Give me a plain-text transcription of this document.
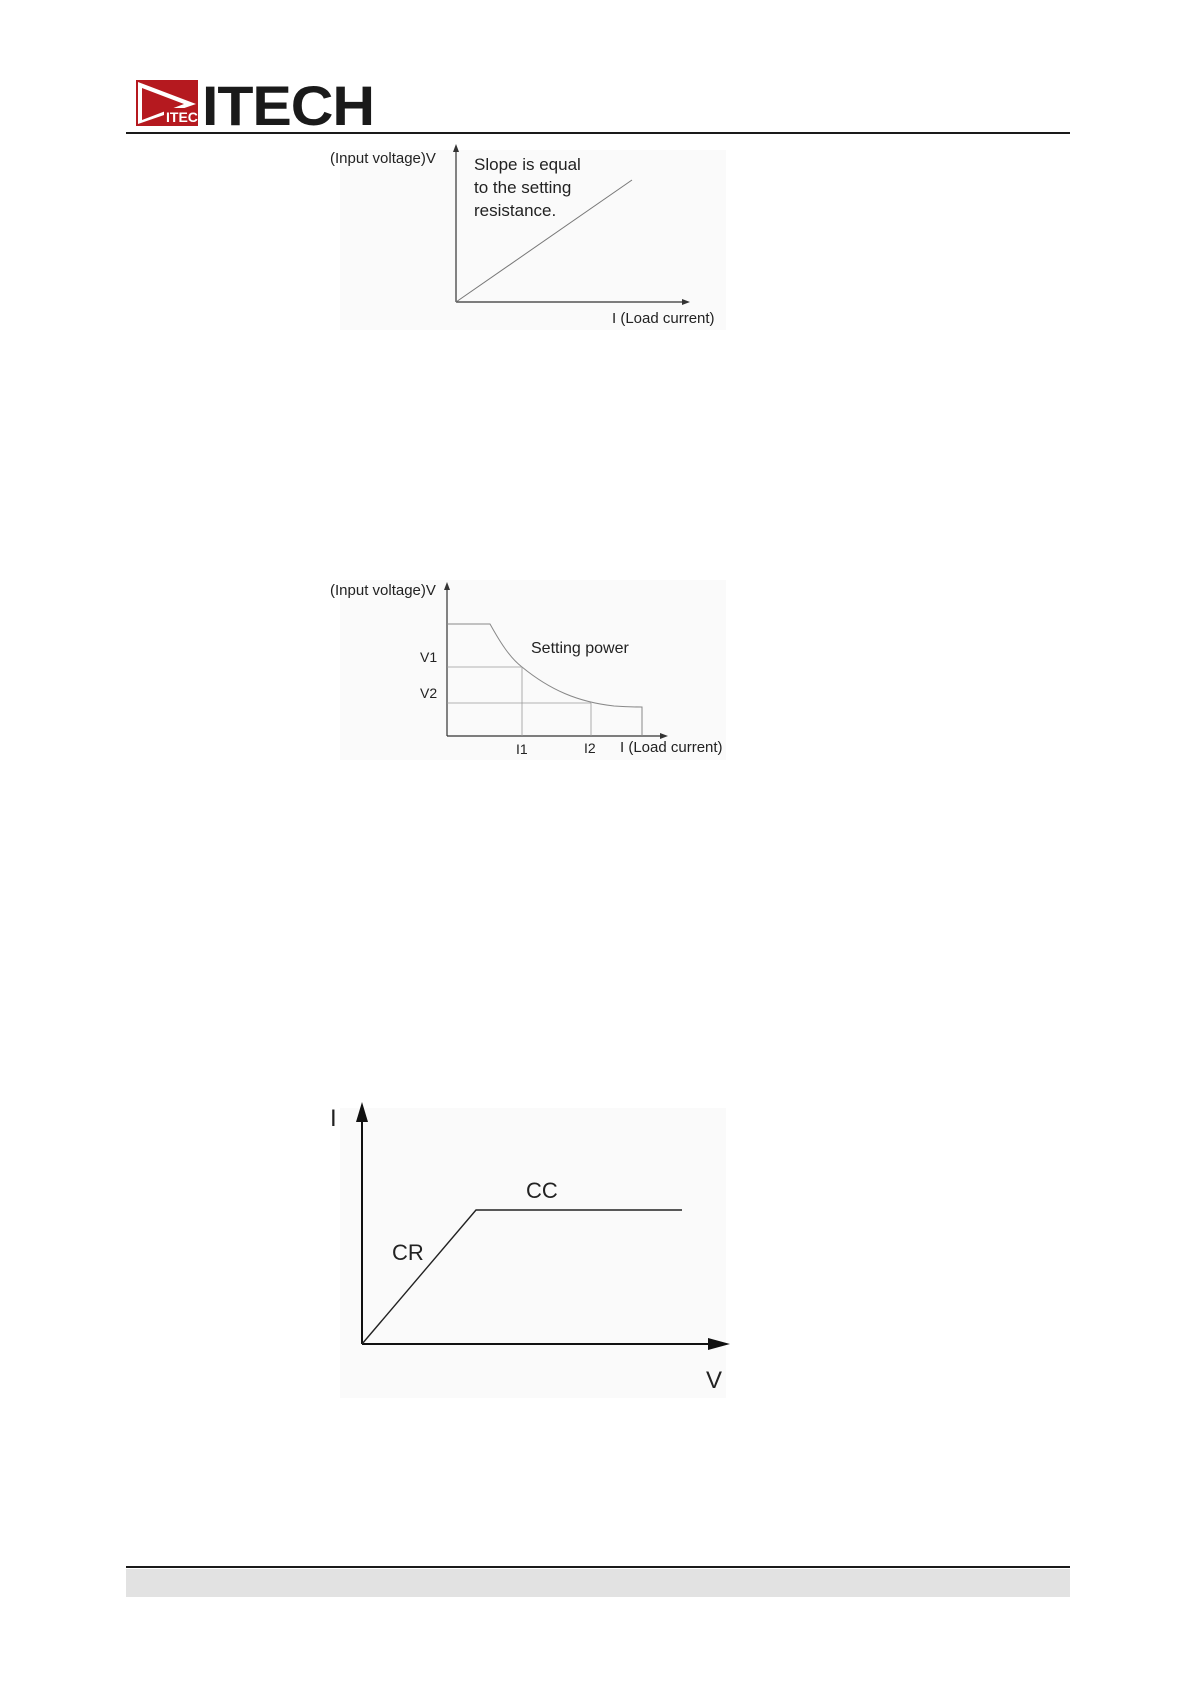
ITECH
ITECH
(Input voltage)V Slope is equal
to the setting
resistance.
I (Load current)
(Input voltage)V
Setting power
V1
V2
I1	I2 I (Load current)
I
CC
CR
V
